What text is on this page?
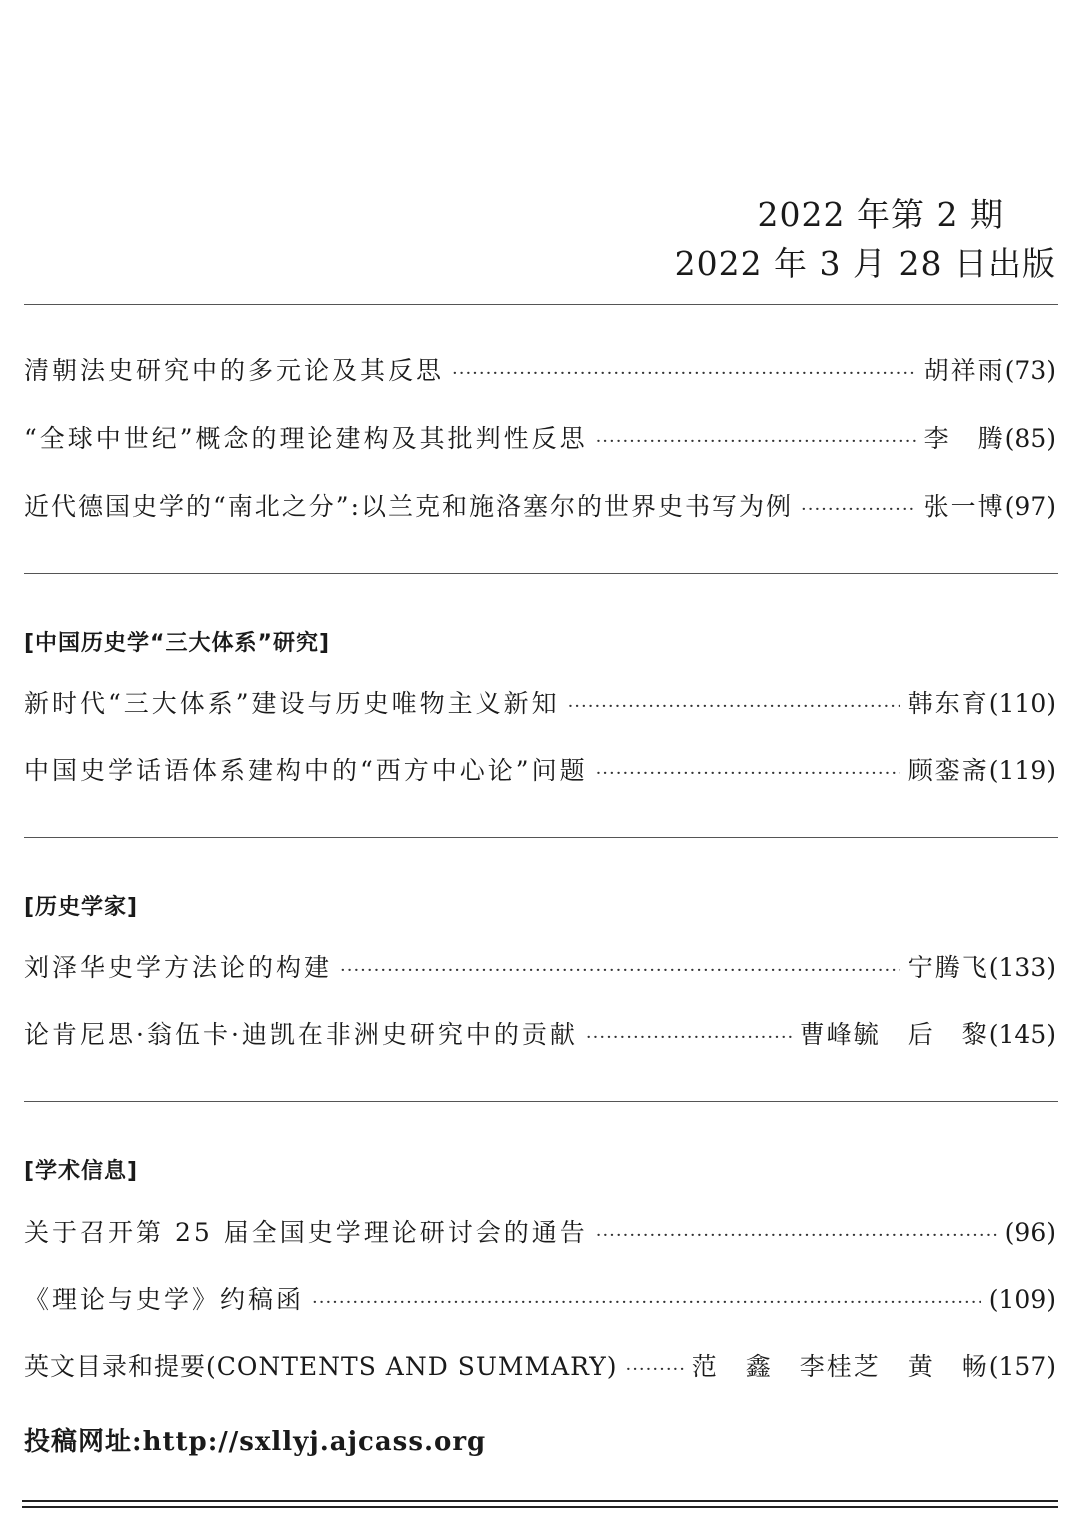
2022 年第 2 期
2022 年 3 月 28 日出版
清朝法史研究中的多元论及其反思 ·····	胡祥雨 (73)
“全球中世纪”概念的理论建构及其批判性反思 ·····	李　腾 (85)
近代德国史学的“南北之分”:以兰克和施洛塞尔的世界史书写为例 ·····	张一博 (97)
[中国历史学“三大体系”研究]
新时代“三大体系”建设与历史唯物主义新知 ·····	韩东育 (110)
中国史学话语体系建构中的“西方中心论”问题 ·····	顾銮斋 (119)
[历史学家]
刘泽华史学方法论的构建 ·····	宁腾飞 (133)
论肯尼思·翁伍卡·迪凯在非洲史研究中的贡献 ·····	曹峰毓　后　黎 (145)
[学术信息]
关于召开第 25 届全国史学理论研讨会的通告 ·····	(96)
《理论与史学》约稿函 ·····	(109)
英文目录和提要(CONTENTS AND SUMMARY) ·····	范　鑫　李桂芝　黄　畅 (157)
投稿网址:http://sxllyj.ajcass.org
